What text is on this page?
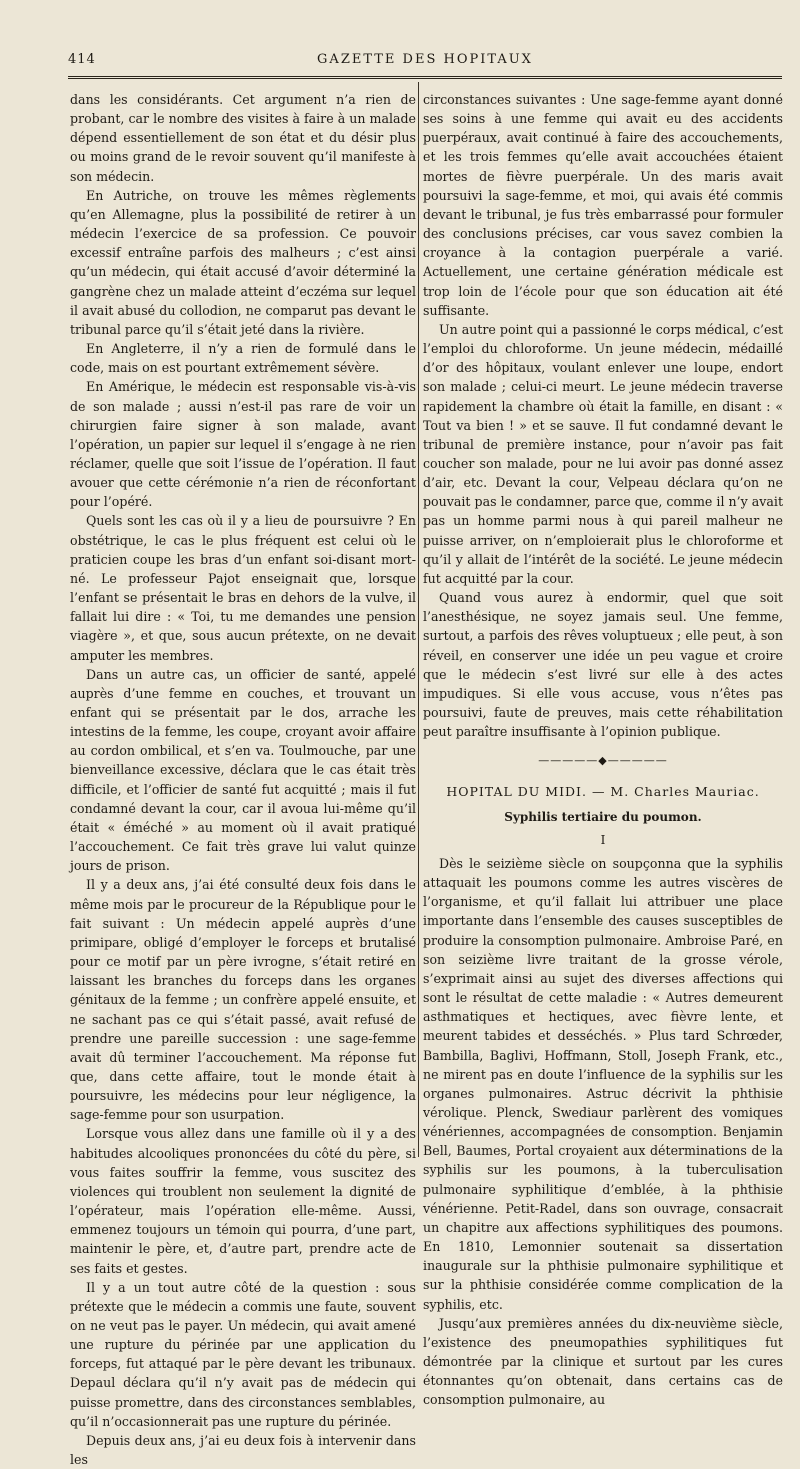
414	GAZETTE DES HOPITAUX

dans les considérants. Cet argument n’a rien de probant, car le nombre des visites à faire à un malade dépend essentiellement de son état et du désir plus ou moins grand de le revoir souvent qu’il manifeste à son médecin.

En Autriche, on trouve les mêmes règlements qu’en Allemagne, plus la possibilité de retirer à un médecin l’exercice de sa profession. Ce pouvoir excessif entraîne parfois des malheurs ; c’est ainsi qu’un médecin, qui était accusé d’avoir déterminé la gangrène chez un malade atteint d’eczéma sur lequel il avait abusé du collodion, ne comparut pas devant le tribunal parce qu’il s’était jeté dans la rivière.

En Angleterre, il n’y a rien de formulé dans le code, mais on est pourtant extrêmement sévère.

En Amérique, le médecin est responsable vis-à-vis de son malade ; aussi n’est-il pas rare de voir un chirurgien faire signer à son malade, avant l’opération, un papier sur lequel il s’engage à ne rien réclamer, quelle que soit l’issue de l’opération. Il faut avouer que cette cérémonie n’a rien de réconfortant pour l’opéré.

Quels sont les cas où il y a lieu de poursuivre ? En obstétrique, le cas le plus fréquent est celui où le praticien coupe les bras d’un enfant soi-disant mort-né. Le professeur Pajot enseignait que, lorsque l’enfant se présentait le bras en dehors de la vulve, il fallait lui dire : « Toi, tu me demandes une pension viagère », et que, sous aucun prétexte, on ne devait amputer les membres.

Dans un autre cas, un officier de santé, appelé auprès d’une femme en couches, et trouvant un enfant qui se présentait par le dos, arrache les intestins de la femme, les coupe, croyant avoir affaire au cordon ombilical, et s’en va. Toulmouche, par une bienveillance excessive, déclara que le cas était très difficile, et l’officier de santé fut acquitté ; mais il fut condamné devant la cour, car il avoua lui-même qu’il était « éméché » au moment où il avait pratiqué l’accouchement. Ce fait très grave lui valut quinze jours de prison.

Il y a deux ans, j’ai été consulté deux fois dans le même mois par le procureur de la République pour le fait suivant : Un médecin appelé auprès d’une primipare, obligé d’employer le forceps et brutalisé pour ce motif par un père ivrogne, s’était retiré en laissant les branches du forceps dans les organes génitaux de la femme ; un confrère appelé ensuite, et ne sachant pas ce qui s’était passé, avait refusé de prendre une pareille succession : une sage-femme avait dû terminer l’accouchement. Ma réponse fut que, dans cette affaire, tout le monde était à poursuivre, les médecins pour leur négligence, la sage-femme pour son usurpation.

Lorsque vous allez dans une famille où il y a des habitudes alcooliques prononcées du côté du père, si vous faites souffrir la femme, vous suscitez des violences qui troublent non seulement la dignité de l’opérateur, mais l’opération elle-même. Aussi, emmenez toujours un témoin qui pourra, d’une part, maintenir le père, et, d’autre part, prendre acte de ses faits et gestes.

Il y a un tout autre côté de la question : sous prétexte que le médecin a commis une faute, souvent on ne veut pas le payer. Un médecin, qui avait amené une rupture du périnée par une application du forceps, fut attaqué par le père devant les tribunaux. Depaul déclara qu’il n’y avait pas de médecin qui puisse promettre, dans des circonstances semblables, qu’il n’occasionnerait pas une rupture du périnée.

Depuis deux ans, j’ai eu deux fois à intervenir dans les

circonstances suivantes : Une sage-femme ayant donné ses soins à une femme qui avait eu des accidents puerpéraux, avait continué à faire des accouchements, et les trois femmes qu’elle avait accouchées étaient mortes de fièvre puerpérale. Un des maris avait poursuivi la sage-femme, et moi, qui avais été commis devant le tribunal, je fus très embarrassé pour formuler des conclusions précises, car vous savez combien la croyance à la contagion puerpérale a varié. Actuellement, une certaine génération médicale est trop loin de l’école pour que son éducation ait été suffisante.

Un autre point qui a passionné le corps médical, c’est l’emploi du chloroforme. Un jeune médecin, médaillé d’or des hôpitaux, voulant enlever une loupe, endort son malade ; celui-ci meurt. Le jeune médecin traverse rapidement la chambre où était la famille, en disant : « Tout va bien ! » et se sauve. Il fut condamné devant le tribunal de première instance, pour n’avoir pas fait coucher son malade, pour ne lui avoir pas donné assez d’air, etc. Devant la cour, Velpeau déclara qu’on ne pouvait pas le condamner, parce que, comme il n’y avait pas un homme parmi nous à qui pareil malheur ne puisse arriver, on n’emploierait plus le chloroforme et qu’il y allait de l’intérêt de la société. Le jeune médecin fut acquitté par la cour.

Quand vous aurez à endormir, quel que soit l’anesthésique, ne soyez jamais seul. Une femme, surtout, a parfois des rêves voluptueux ; elle peut, à son réveil, en conserver une idée un peu vague et croire que le médecin s’est livré sur elle à des actes impudiques. Si elle vous accuse, vous n’êtes pas poursuivi, faute de preuves, mais cette réhabilitation peut paraître insuffisante à l’opinion publique.

—————◆—————
HOPITAL DU MIDI. — M. Charles Mauriac.
Syphilis tertiaire du poumon.
I

Dès le seizième siècle on soupçonna que la syphilis attaquait les poumons comme les autres viscères de l’organisme, et qu’il fallait lui attribuer une place importante dans l’ensemble des causes susceptibles de produire la consomption pulmonaire. Ambroise Paré, en son seizième livre traitant de la grosse vérole, s’exprimait ainsi au sujet des diverses affections qui sont le résultat de cette maladie : « Autres demeurent asthmatiques et hectiques, avec fièvre lente, et meurent tabides et desséchés. » Plus tard Schrœder, Bambilla, Baglivi, Hoffmann, Stoll, Joseph Frank, etc., ne mirent pas en doute l’influence de la syphilis sur les organes pulmonaires. Astruc décrivit la phthisie vérolique. Plenck, Swediaur parlèrent des vomiques vénériennes, accompagnées de consomption. Benjamin Bell, Baumes, Portal croyaient aux déterminations de la syphilis sur les poumons, à la tuberculisation pulmonaire syphilitique d’emblée, à la phthisie vénérienne. Petit-Radel, dans son ouvrage, consacrait un chapitre aux affections syphilitiques des poumons. En 1810, Lemonnier soutenait sa dissertation inaugurale sur la phthisie pulmonaire syphilitique et sur la phthisie considérée comme complication de la syphilis, etc.

Jusqu’aux premières années du dix-neuvième siècle, l’existence des pneumopathies syphilitiques fut démontrée par la clinique et surtout par les cures étonnantes qu’on obtenait, dans certains cas de consomption pulmonaire, au
